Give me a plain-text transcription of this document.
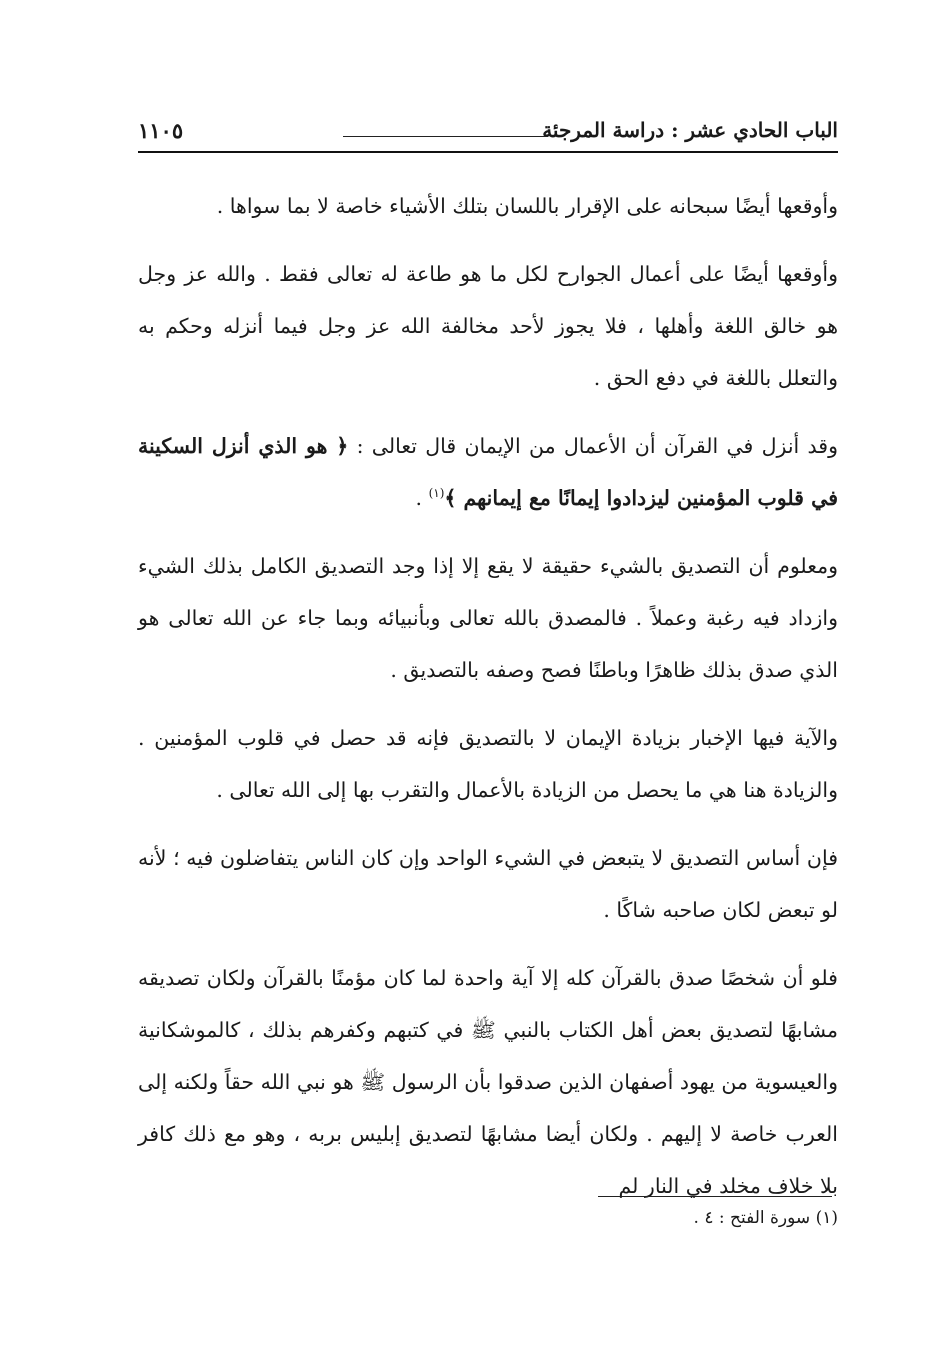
الباب الحادي عشر : دراسة المرجئة
١١٠٥

وأوقعها أيضًا سبحانه على الإقرار باللسان بتلك الأشياء خاصة لا بما سواها .

وأوقعها أيضًا على أعمال الجوارح لكل ما هو طاعة له تعالى فقط . والله عز وجل هو خالق اللغة وأهلها ، فلا يجوز لأحد مخالفة الله عز وجل فيما أنزله وحكم به والتعلل باللغة في دفع الحق .

وقد أنزل في القرآن أن الأعمال من الإيمان قال تعالى : ﴿ هو الذي أنزل السكينة في قلوب المؤمنين ليزدادوا إيمانًا مع إيمانهم ﴾$^{(١)}$ .

ومعلوم أن التصديق بالشيء حقيقة لا يقع إلا إذا وجد التصديق الكامل بذلك الشيء وازداد فيه رغبة وعملاً . فالمصدق بالله تعالى وبأنبيائه وبما جاء عن الله تعالى هو الذي صدق بذلك ظاهرًا وباطنًا فصح وصفه بالتصديق .

والآية فيها الإخبار بزيادة الإيمان لا بالتصديق فإنه قد حصل في قلوب المؤمنين . والزيادة هنا هي ما يحصل من الزيادة بالأعمال والتقرب بها إلى الله تعالى .

فإن أساس التصديق لا يتبعض في الشيء الواحد وإن كان الناس يتفاضلون فيه ؛ لأنه لو تبعض لكان صاحبه شاكًا .

فلو أن شخصًا صدق بالقرآن كله إلا آية واحدة لما كان مؤمنًا بالقرآن ولكان تصديقه مشابهًا لتصديق بعض أهل الكتاب بالنبي ﷺ في كتبهم وكفرهم بذلك ، كالموشكانية والعيسوية من يهود أصفهان الذين صدقوا بأن الرسول ﷺ هو نبي الله حقاً ولكنه إلى العرب خاصة لا إليهم . ولكان أيضا مشابهًا لتصديق إبليس بربه ، وهو مع ذلك كافر بلا خلاف مخلد في النار لم

(١) سورة الفتح : ٤ .
